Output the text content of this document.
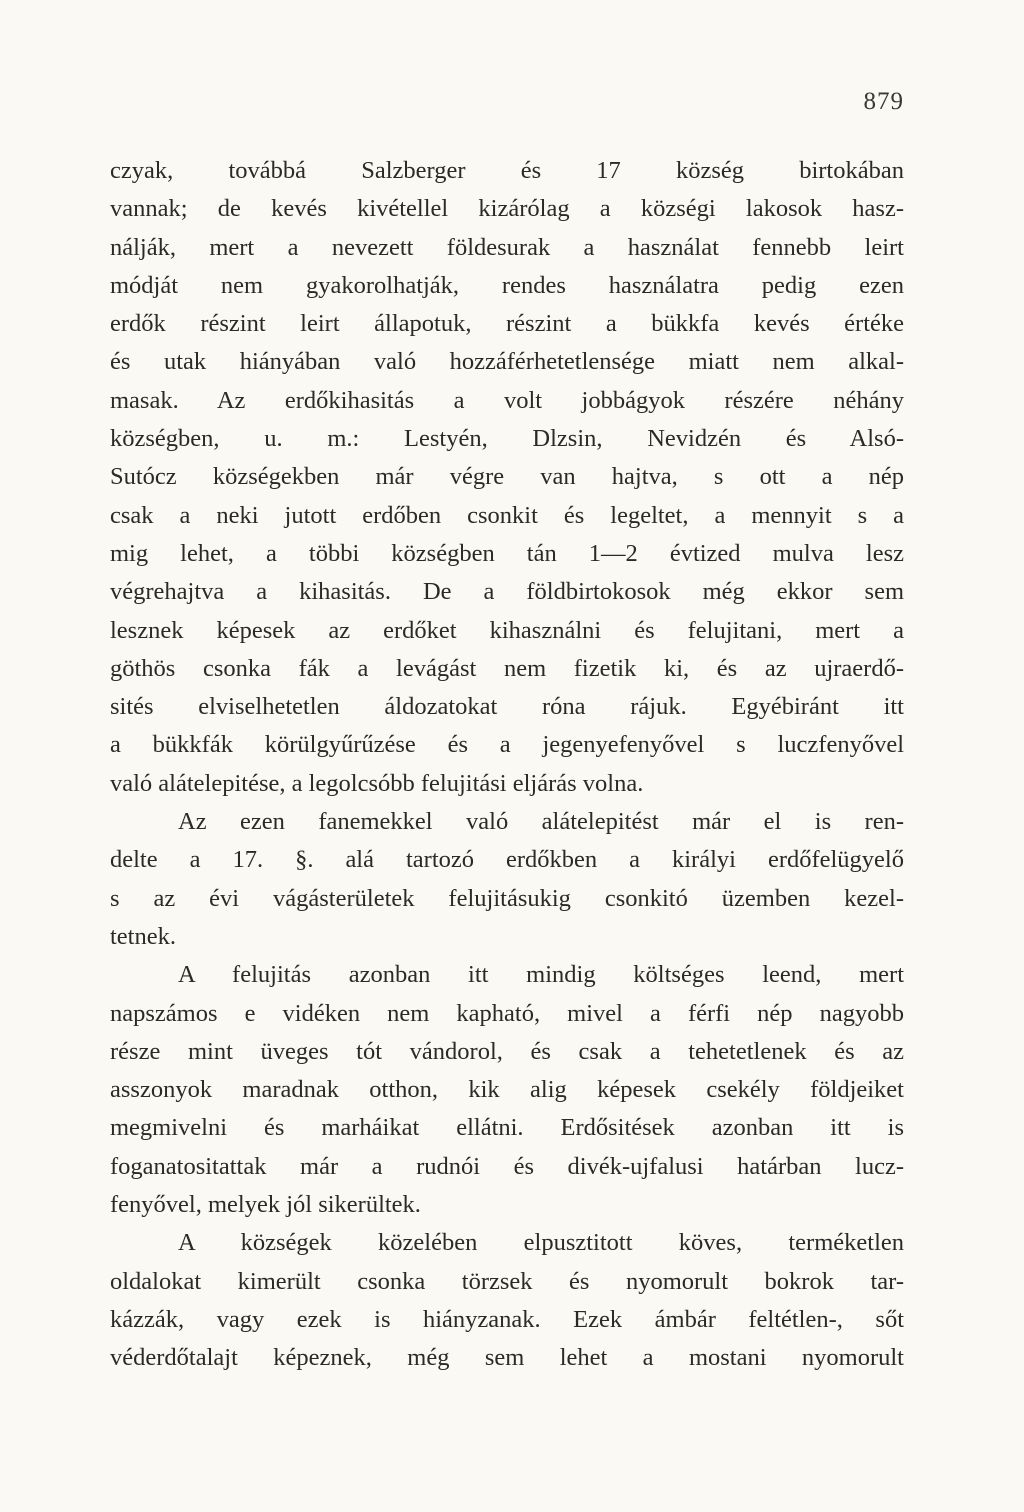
879
czyak, továbbá Salzberger és 17 község birtokában
vannak; de kevés kivétellel kizárólag a községi lakosok hasz-
nálják, mert a nevezett földesurak a használat fennebb leirt
módját nem gyakorolhatják, rendes használatra pedig ezen
erdők részint leirt állapotuk, részint a bükkfa kevés értéke
és utak hiányában való hozzáférhetetlensége miatt nem alkal-
masak. Az erdőkihasitás a volt jobbágyok részére néhány
községben, u. m.: Lestyén, Dlzsin, Nevidzén és Alsó-
Sutócz községekben már végre van hajtva, s ott a nép
csak a neki jutott erdőben csonkit és legeltet, a mennyit s a
mig lehet, a többi községben tán 1—2 évtized mulva lesz
végrehajtva a kihasitás. De a földbirtokosok még ekkor sem
lesznek képesek az erdőket kihasználni és felujitani, mert a
göthös csonka fák a levágást nem fizetik ki, és az ujraerdő-
sités elviselhetetlen áldozatokat róna rájuk. Egyébiránt itt
a bükkfák körülgyűrűzése és a jegenyefenyővel s luczfenyővel
való alátelepitése, a legolcsóbb felujitási eljárás volna.
Az ezen fanemekkel való alátelepitést már el is ren-
delte a 17. §. alá tartozó erdőkben a királyi erdőfelügyelő
s az évi vágásterületek felujitásukig csonkitó üzemben kezel-
tetnek.
A felujitás azonban itt mindig költséges leend, mert
napszámos e vidéken nem kapható, mivel a férfi nép nagyobb
része mint üveges tót vándorol, és csak a tehetetlenek és az
asszonyok maradnak otthon, kik alig képesek csekély földjeiket
megmivelni és marháikat ellátni. Erdősitések azonban itt is
foganatositattak már a rudnói és divék-ujfalusi határban lucz-
fenyővel, melyek jól sikerültek.
A községek közelében elpusztitott köves, terméketlen
oldalokat kimerült csonka törzsek és nyomorult bokrok tar-
kázzák, vagy ezek is hiányzanak. Ezek ámbár feltétlen-, sőt
véderdőtalajt képeznek, még sem lehet a mostani nyomorult
